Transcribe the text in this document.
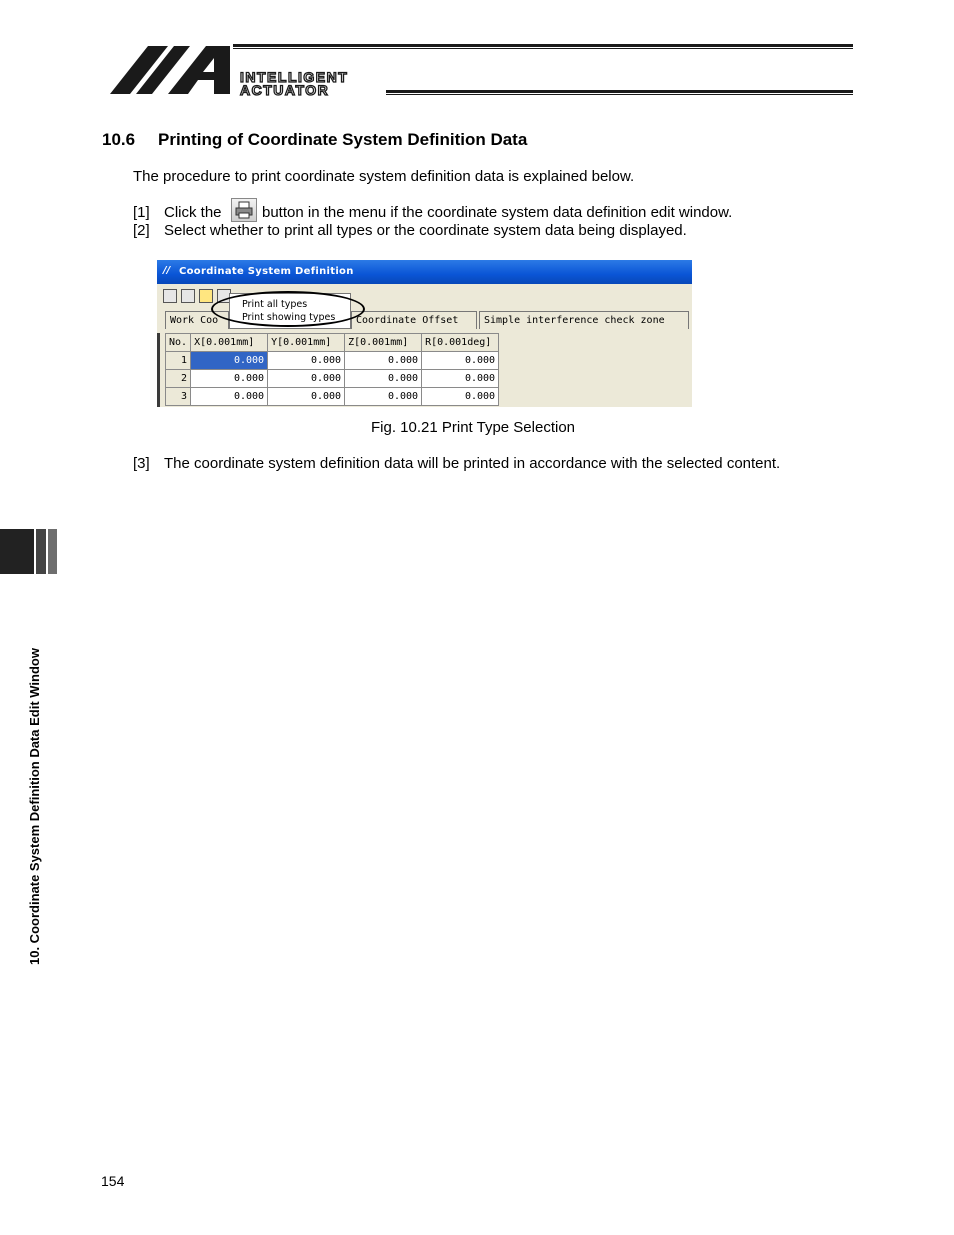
INTELLIGENT
ACTUATOR
10.6 Printing of Coordinate System Definition Data
The procedure to print coordinate system definition data is explained below.
[1] Click the	button in the menu if the coordinate system data definition edit window.
[2] Select whether to print all types or the coordinate system data being displayed.
// Coordinate System Definition
Work Coo	Coordinate Offset	Simple interference check zone
Print all types
Print showing types
No.	X[0.001mm]	Y[0.001mm]	Z[0.001mm]	R[0.001deg]
1	0.000	0.000	0.000	0.000
2	0.000	0.000	0.000	0.000
3	0.000	0.000	0.000	0.000
Fig. 10.21 Print Type Selection
[3] The coordinate system definition data will be printed in accordance with the selected content.
10. Coordinate System Definition Data Edit Window
154
